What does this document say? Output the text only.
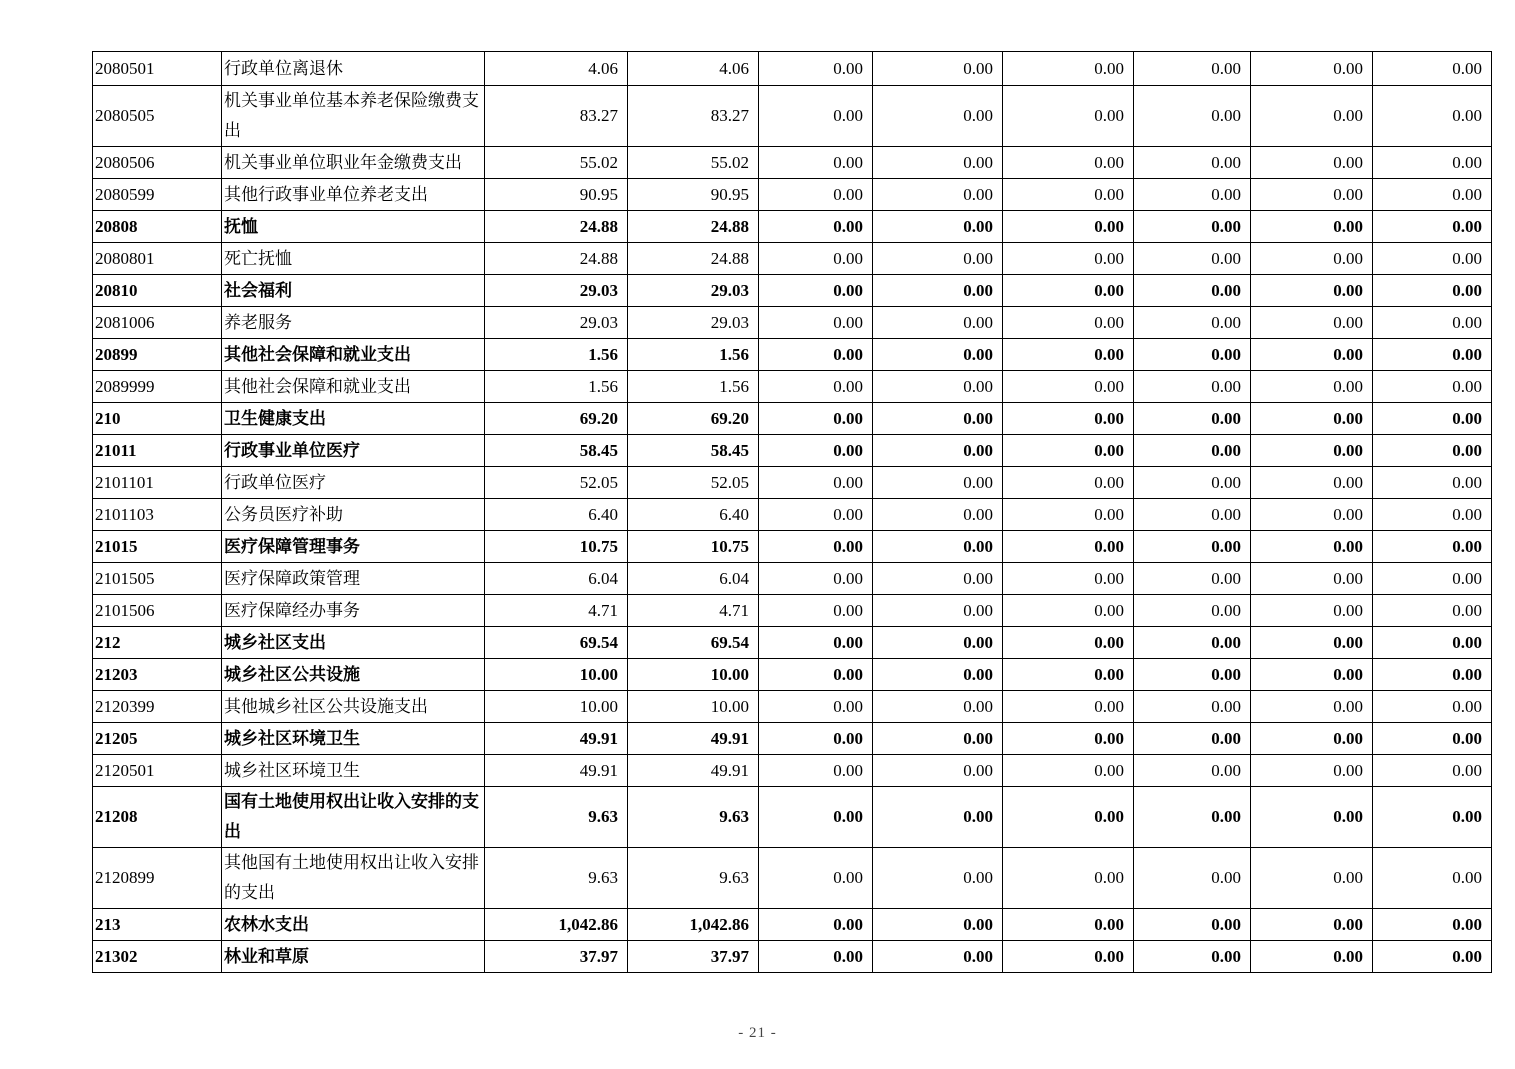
2080501	行政单位离退休	4.06	4.06	0.00	0.00	0.00	0.00	0.00	0.00
2080505	机关事业单位基本养老保险缴费支出	83.27	83.27	0.00	0.00	0.00	0.00	0.00	0.00
2080506	机关事业单位职业年金缴费支出	55.02	55.02	0.00	0.00	0.00	0.00	0.00	0.00
2080599	其他行政事业单位养老支出	90.95	90.95	0.00	0.00	0.00	0.00	0.00	0.00
20808	抚恤	24.88	24.88	0.00	0.00	0.00	0.00	0.00	0.00
2080801	死亡抚恤	24.88	24.88	0.00	0.00	0.00	0.00	0.00	0.00
20810	社会福利	29.03	29.03	0.00	0.00	0.00	0.00	0.00	0.00
2081006	养老服务	29.03	29.03	0.00	0.00	0.00	0.00	0.00	0.00
20899	其他社会保障和就业支出	1.56	1.56	0.00	0.00	0.00	0.00	0.00	0.00
2089999	其他社会保障和就业支出	1.56	1.56	0.00	0.00	0.00	0.00	0.00	0.00
210	卫生健康支出	69.20	69.20	0.00	0.00	0.00	0.00	0.00	0.00
21011	行政事业单位医疗	58.45	58.45	0.00	0.00	0.00	0.00	0.00	0.00
2101101	行政单位医疗	52.05	52.05	0.00	0.00	0.00	0.00	0.00	0.00
2101103	公务员医疗补助	6.40	6.40	0.00	0.00	0.00	0.00	0.00	0.00
21015	医疗保障管理事务	10.75	10.75	0.00	0.00	0.00	0.00	0.00	0.00
2101505	医疗保障政策管理	6.04	6.04	0.00	0.00	0.00	0.00	0.00	0.00
2101506	医疗保障经办事务	4.71	4.71	0.00	0.00	0.00	0.00	0.00	0.00
212	城乡社区支出	69.54	69.54	0.00	0.00	0.00	0.00	0.00	0.00
21203	城乡社区公共设施	10.00	10.00	0.00	0.00	0.00	0.00	0.00	0.00
2120399	其他城乡社区公共设施支出	10.00	10.00	0.00	0.00	0.00	0.00	0.00	0.00
21205	城乡社区环境卫生	49.91	49.91	0.00	0.00	0.00	0.00	0.00	0.00
2120501	城乡社区环境卫生	49.91	49.91	0.00	0.00	0.00	0.00	0.00	0.00
21208	国有土地使用权出让收入安排的支出	9.63	9.63	0.00	0.00	0.00	0.00	0.00	0.00
2120899	其他国有土地使用权出让收入安排的支出	9.63	9.63	0.00	0.00	0.00	0.00	0.00	0.00
213	农林水支出	1,042.86	1,042.86	0.00	0.00	0.00	0.00	0.00	0.00
21302	林业和草原	37.97	37.97	0.00	0.00	0.00	0.00	0.00	0.00
- 21 -
